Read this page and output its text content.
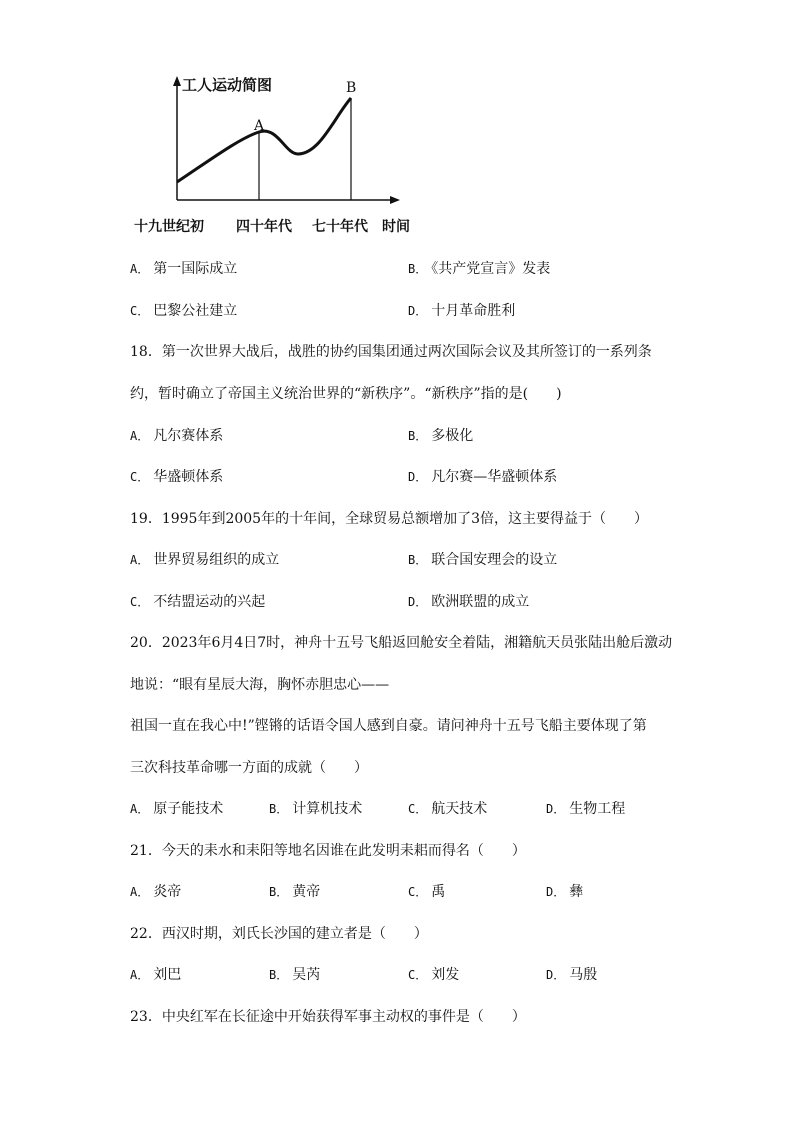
工人运动简图
A
B
十九世纪初 四十年代 七十年代 时间
A． 第一国际成立	B． 《共产党宣言》发表
C． 巴黎公社建立	D． 十月革命胜利
18．第一次世界大战后，战胜的协约国集团通过两次国际会议及其所签订的一系列条
约，暂时确立了帝国主义统治世界的“新秩序”。“新秩序”指的是(　　)
A． 凡尔赛体系	B． 多极化
C． 华盛顿体系	D． 凡尔赛—华盛顿体系
19．1995年到2005年的十年间，全球贸易总额增加了3倍，这主要得益于（　　）
A． 世界贸易组织的成立	B． 联合国安理会的设立
C． 不结盟运动的兴起	D． 欧洲联盟的成立
20．2023年6月4日7时，神舟十五号飞船返回舱安全着陆，湘籍航天员张陆出舱后激动
地说：“眼有星辰大海，胸怀赤胆忠心——
祖国一直在我心中!”铿锵的话语令国人感到自豪。请问神舟十五号飞船主要体现了第
三次科技革命哪一方面的成就（　　）
A． 原子能技术	B． 计算机技术	C． 航天技术	D． 生物工程
21．今天的耒水和耒阳等地名因谁在此发明耒耜而得名（　　）
A． 炎帝	B． 黄帝	C． 禹	D． 彝
22．西汉时期，刘氏长沙国的建立者是（　　）
A． 刘巴	B． 吴芮	C． 刘发	D． 马殷
23．中央红军在长征途中开始获得军事主动权的事件是（　　）
